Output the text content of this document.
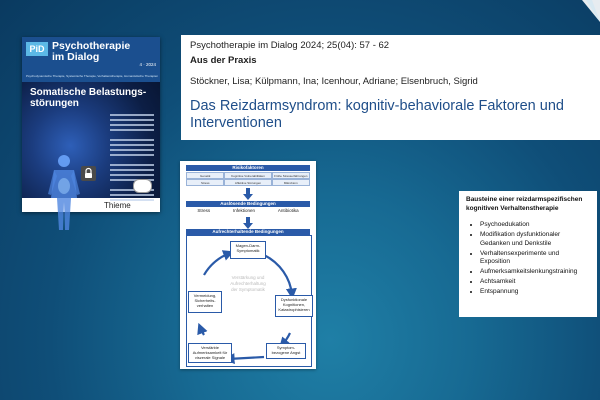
PiD Psychotherapie
im Dialog
4 · 2024
Psychodynamische Therapie, Systemische Therapie, Verhaltenstherapie, Humanistische Therapien
Somatische Belastungs-
störungen
Thieme
Psychotherapie im Dialog 2024; 25(04): 57 - 62
Aus der Praxis
Stöckner, Lisa; Külpmann, Ina; Icenhour, Adriane; Elsenbruch, Sigrid
Das Reizdarmsyndrom: kognitiv-behaviorale Faktoren und Interventionen
Risikofaktoren
Genetik	Kognitive Vulnerabilitäten	Frühe Stresserfahrungen
Stress	Affektive Störungen	Mikrobiom
Auslösende Bedingungen
Stress	Infektionen	Antibiotika
Aufrechterhaltende Bedingungen
Magen-Darm-
Symptomatik
Dysfunktionale
Kognitionen,
Katastrophisieren
Symptom-
bezogene Angst
Verstärkte
Aufmerksamkeit für
viszerale Signale
Vermeidung,
Sicherheits-
verhalten
Verstärkung und
Aufrechterhaltung
der Symptomatik
Bausteine einer reizdarmspezifischen
kognitiven Verhaltenstherapie
• Psychoedukation
• Modifikation dysfunktionaler
Gedanken und Denkstile
• Verhaltensexperimente und
Exposition
• Aufmerksamkeitslenkungstraining
• Achtsamkeit
• Entspannung
